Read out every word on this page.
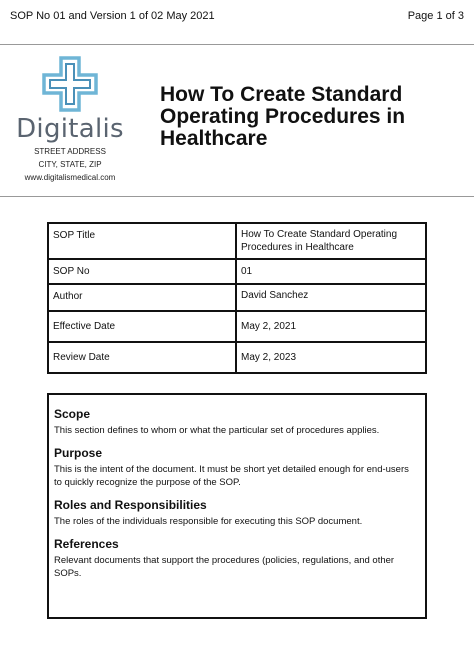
SOP No 01 and Version 1 of 02 May 2021	Page 1 of 3
Digitalis
STREET ADDRESS
CITY, STATE, ZIP
www.digitalismedical.com
How To Create Standard Operating Procedures in Healthcare
SOP Title	How To Create Standard Operating Procedures in Healthcare
SOP No	01
Author	David Sanchez
Effective Date	May 2, 2021
Review Date	May 2, 2023
Scope

This section defines to whom or what the particular set of procedures applies.

Purpose

This is the intent of the document. It must be short yet detailed enough for end-users to quickly recognize the purpose of the SOP.

Roles and Responsibilities

The roles of the individuals responsible for executing this SOP document.

References

Relevant documents that support the procedures (policies, regulations, and other SOPs.
